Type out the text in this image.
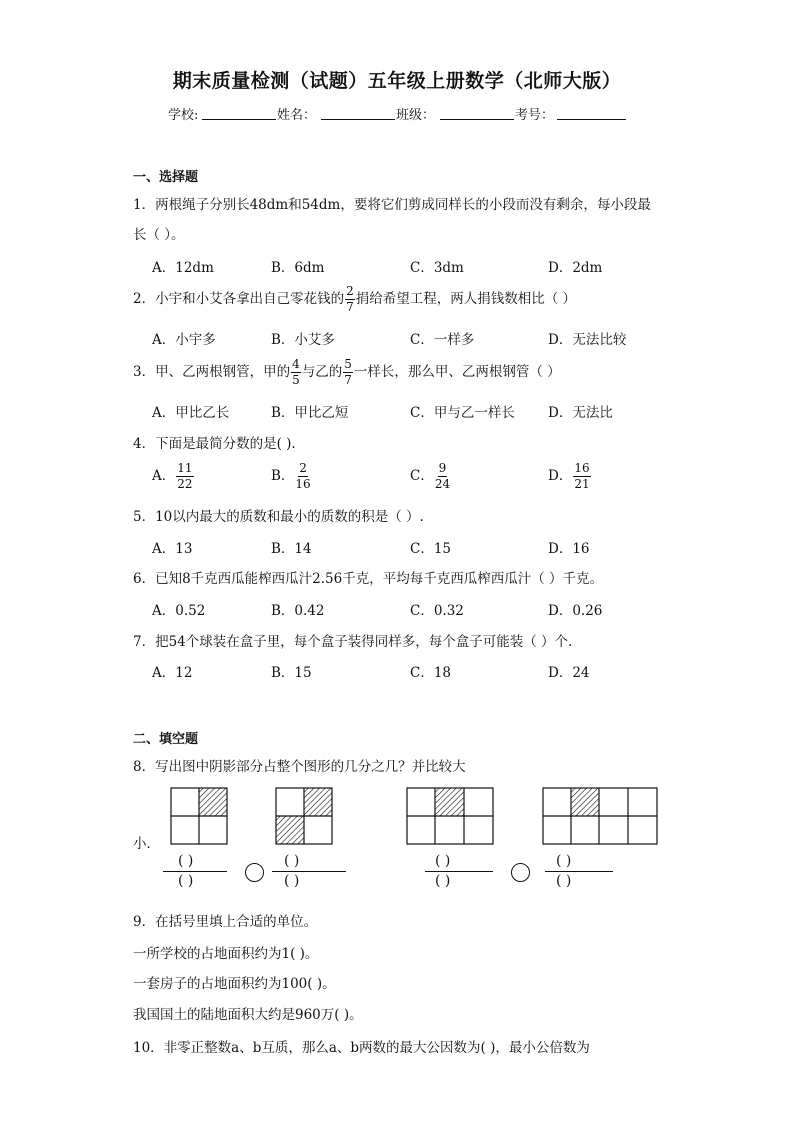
期末质量检测（试题）五年级上册数学（北师大版）
学校:	姓名：	班级：	考号：
一、选择题
1．两根绳子分别长48dm和54dm，要将它们剪成同样长的小段而没有剩余，每小段最
长（ ）。
A．12dm	B．6dm	C．3dm	D．2dm
2．小宇和小艾各拿出自己零花钱的 $\frac{2}{7}$ 捐给希望工程，两人捐钱数相比（ ）
A．小宇多	B．小艾多	C．一样多	D．无法比较
3．甲、乙两根钢管，甲的 $\frac{4}{5}$ 与乙的 $\frac{5}{7}$ 一样长，那么甲、乙两根钢管（ ）
A．甲比乙长	B．甲比乙短	C．甲与乙一样长 D．无法比
4．下面是最简分数的是( ).
A． $\frac{11}{22}$	B． $\frac{2}{16}$	C． $\frac{9}{24}$	D． $\frac{16}{21}$
5．10以内最大的质数和最小的质数的积是（ ）.
A．13	B．14	C．15	D．16
6．已知8千克西瓜能榨西瓜汁2.56千克，平均每千克西瓜榨西瓜汁（ ）千克。
A．0.52	B．0.42	C．0.32	D．0.26
7．把54个球装在盒子里，每个盒子装得同样多，每个盒子可能装（ ）个.
A．12	B．15	C．18	D．24
二、填空题
8．写出图中阴影部分占整个图形的几分之几？并比较大
小．
( )
( )
( )
( )
( )
( )
( )
( )
9．在括号里填上合适的单位。
一所学校的占地面积约为1( )。
一套房子的占地面积约为100( )。
我国国土的陆地面积大约是960万( )。
10．非零正整数a、b互质，那么a、b两数的最大公因数为( )，最小公倍数为
